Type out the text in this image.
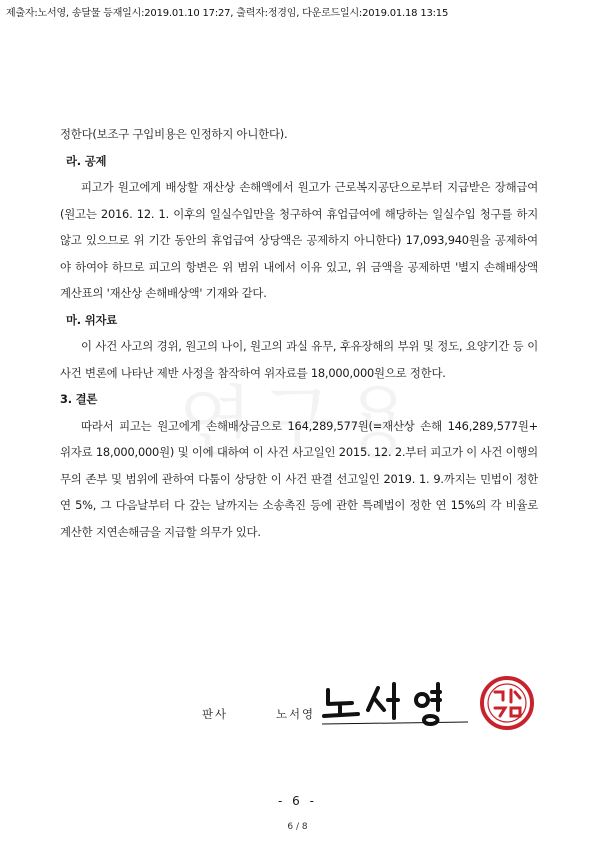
제출자:노서영, 송달물 등재일시:2019.01.10 17:27, 출력자:정경임, 다운로드일시:2019.01.18 13:15

정한다(보조구 구입비용은 인정하지 아니한다).

라. 공제

피고가 원고에게 배상할 재산상 손해액에서 원고가 근로복지공단으로부터 지급받은 장해급여(원고는 2016. 12. 1. 이후의 일실수입만을 청구하여 휴업급여에 해당하는 일실수입 청구를 하지 않고 있으므로 위 기간 동안의 휴업급여 상당액은 공제하지 아니한다) 17,093,940원을 공제하여야 하여야 하므로 피고의 항변은 위 범위 내에서 이유 있고, 위 금액을 공제하면 '별지 손해배상액 계산표의 '재산상 손해배상액' 기재와 같다.

마. 위자료

이 사건 사고의 경위, 원고의 나이, 원고의 과실 유무, 후유장해의 부위 및 정도, 요양기간 등 이 사건 변론에 나타난 제반 사정을 참작하여 위자료를 18,000,000원으로 정한다.

3. 결론

따라서 피고는 원고에게 손해배상금으로 164,289,577원(=재산상 손해 146,289,577원+ 위자료 18,000,000원) 및 이에 대하여 이 사건 사고일인 2015. 12. 2.부터 피고가 이 사건 이행의무의 존부 및 범위에 관하여 다툼이 상당한 이 사건 판결 선고일인 2019. 1. 9.까지는 민법이 정한 연 5%, 그 다음날부터 다 갚는 날까지는 소송촉진 등에 관한 특례법이 정한 연 15%의 각 비율로 계산한 지연손해금을 지급할 의무가 있다.

판사	노서영
- 6 -
6 / 8
